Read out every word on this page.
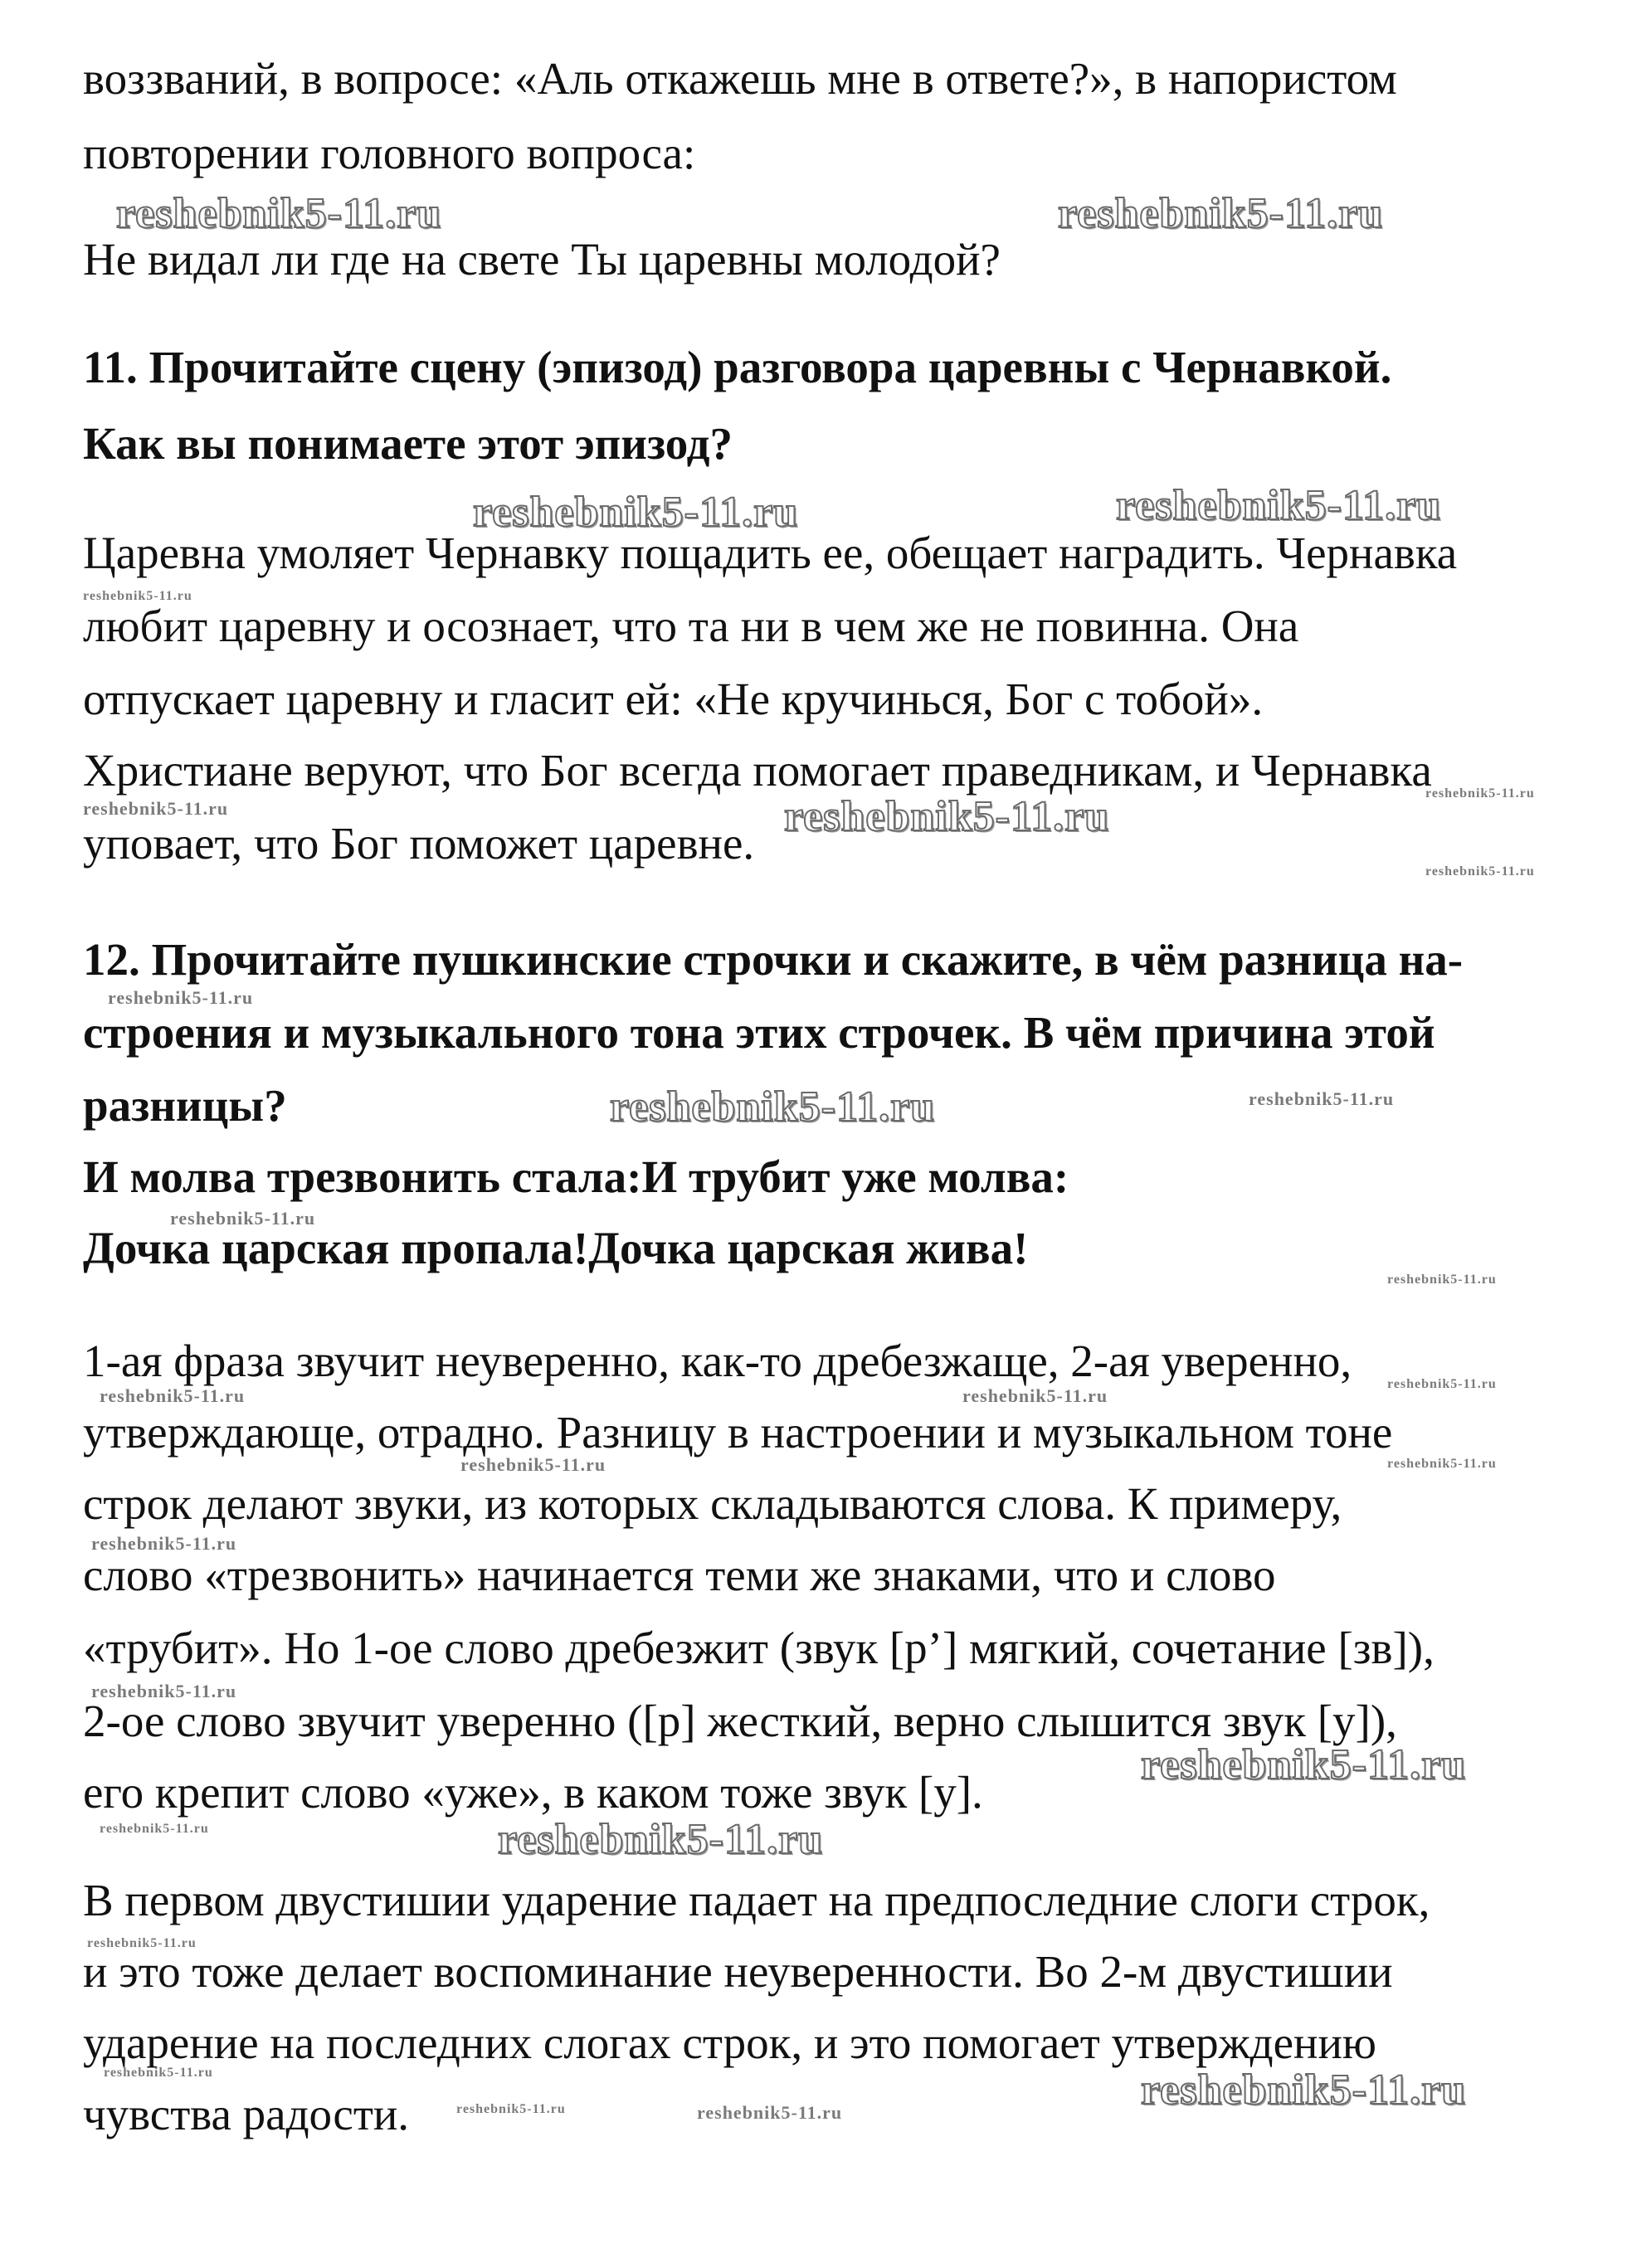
воззваний, в вопросе: «Аль откажешь мне в ответе?», в напористом
повторении головного вопроса:
Не видал ли где на свете Ты царевны молодой?
11. Прочитайте сцену (эпизод) разговора царевны с Чернавкой.
Как вы понимаете этот эпизод?
Царевна умоляет Чернавку пощадить ее, обещает наградить. Чернавка
любит царевну и осознает, что та ни в чем же не повинна. Она
отпускает царевну и гласит ей: «Не кручинься, Бог с тобой».
Христиане веруют, что Бог всегда помогает праведникам, и Чернавка
уповает, что Бог поможет царевне.
12. Прочитайте пушкинские строчки и скажите, в чём разница на-
строения и музыкального тона этих строчек. В чём причина этой
разницы?
И молва трезвонить стала:И трубит уже молва:
Дочка царская пропала!Дочка царская жива!
1-ая фраза звучит неуверенно, как-то дребезжаще, 2-ая уверенно,
утверждающе, отрадно. Разницу в настроении и музыкальном тоне
строк делают звуки, из которых складываются слова. К примеру,
слово «трезвонить» начинается теми же знаками, что и слово
«трубит». Но 1-ое слово дребезжит (звук [р’] мягкий, сочетание [зв]),
2-ое слово звучит уверенно ([р] жесткий, верно слышится звук [у]),
его крепит слово «уже», в каком тоже звук [у].
В первом двустишии ударение падает на предпоследние слоги строк,
и это тоже делает воспоминание неуверенности. Во 2-м двустишии
ударение на последних слогах строк, и это помогает утверждению
чувства радости.
reshebnik5-11.ru	reshebnik5-11.ru
reshebnik5-11.ru	reshebnik5-11.ru
reshebnik5-11.ru
reshebnik5-11.ru
reshebnik5-11.ru
reshebnik5-11.ru
reshebnik5-11.ru
reshebnik5-11.ru
reshebnik5-11.ru
reshebnik5-11.ru
reshebnik5-11.ru
reshebnik5-11.ru	reshebnik5-11.ru
reshebnik5-11.ru
reshebnik5-11.ru
reshebnik5-11.ru
reshebnik5-11.ru
reshebnik5-11.ru
reshebnik5-11.ru
reshebnik5-11.ru
reshebnik5-11.ru
reshebnik5-11.ru
reshebnik5-11.ru
reshebnik5-11.ru
reshebnik5-11.ru
reshebnik5-11.ru	reshebnik5-11.ru
